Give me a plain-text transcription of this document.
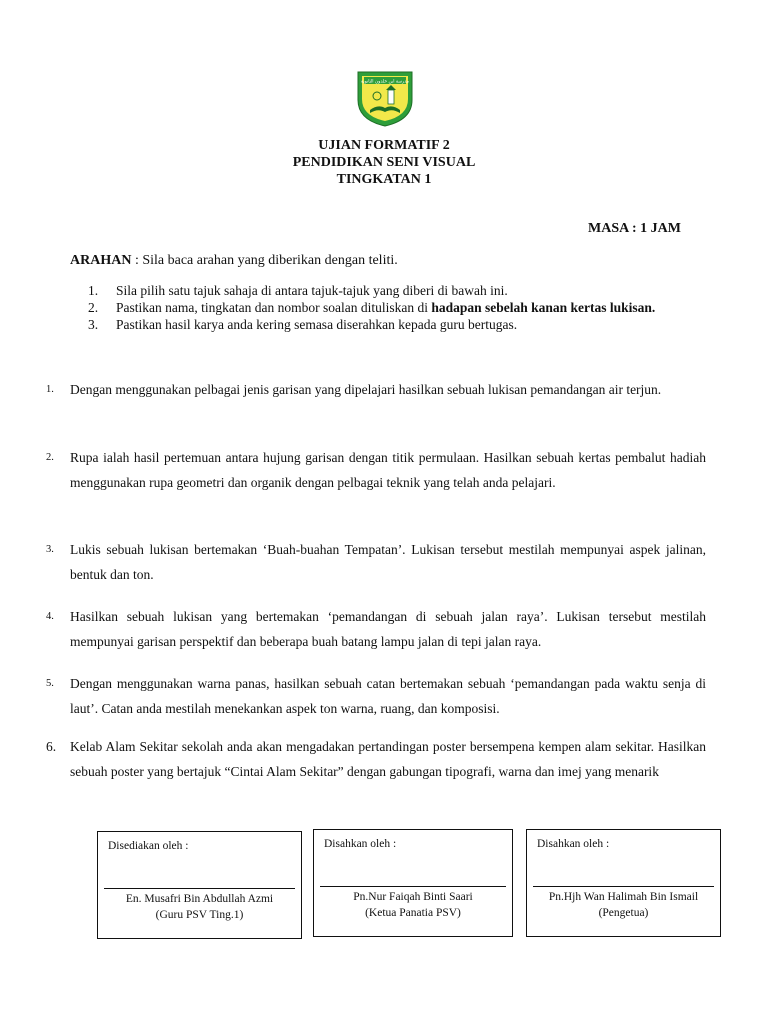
مدرسة ابن خلدون الثانوية
UJIAN FORMATIF 2
PENDIDIKAN SENI VISUAL
TINGKATAN 1
MASA : 1 JAM
ARAHAN : Sila baca arahan yang diberikan dengan teliti.
1.	Sila pilih satu tajuk sahaja di antara tajuk-tajuk yang diberi di bawah ini.
2.	Pastikan nama, tingkatan dan nombor soalan dituliskan di hadapan sebelah kanan kertas lukisan.
3.	Pastikan hasil karya anda kering semasa diserahkan kepada guru bertugas.
1. Dengan menggunakan pelbagai jenis garisan yang dipelajari hasilkan sebuah lukisan pemandangan air terjun.
2. Rupa ialah hasil pertemuan antara hujung garisan dengan titik permulaan. Hasilkan sebuah kertas pembalut hadiah menggunakan rupa geometri dan organik dengan pelbagai teknik yang telah anda pelajari.
3. Lukis sebuah lukisan bertemakan ‘Buah-buahan Tempatan’. Lukisan tersebut mestilah mempunyai aspek jalinan, bentuk dan ton.
4. Hasilkan sebuah lukisan yang bertemakan ‘pemandangan di sebuah jalan raya’. Lukisan tersebut mestilah mempunyai garisan perspektif dan beberapa buah batang lampu jalan di tepi jalan raya.
5. Dengan menggunakan warna panas, hasilkan sebuah catan bertemakan sebuah ‘pemandangan pada waktu senja di laut’. Catan anda mestilah menekankan aspek ton warna, ruang, dan komposisi.
6. Kelab Alam Sekitar sekolah anda akan mengadakan pertandingan poster bersempena kempen alam sekitar. Hasilkan sebuah poster yang bertajuk “Cintai Alam Sekitar” dengan gabungan tipografi, warna dan imej yang menarik
Disediakan oleh :
En. Musafri Bin Abdullah Azmi
(Guru PSV Ting.1)
Disahkan oleh :
Pn.Nur Faiqah Binti Saari
(Ketua Panatia PSV)
Disahkan oleh :
Pn.Hjh Wan Halimah Bin Ismail
(Pengetua)
